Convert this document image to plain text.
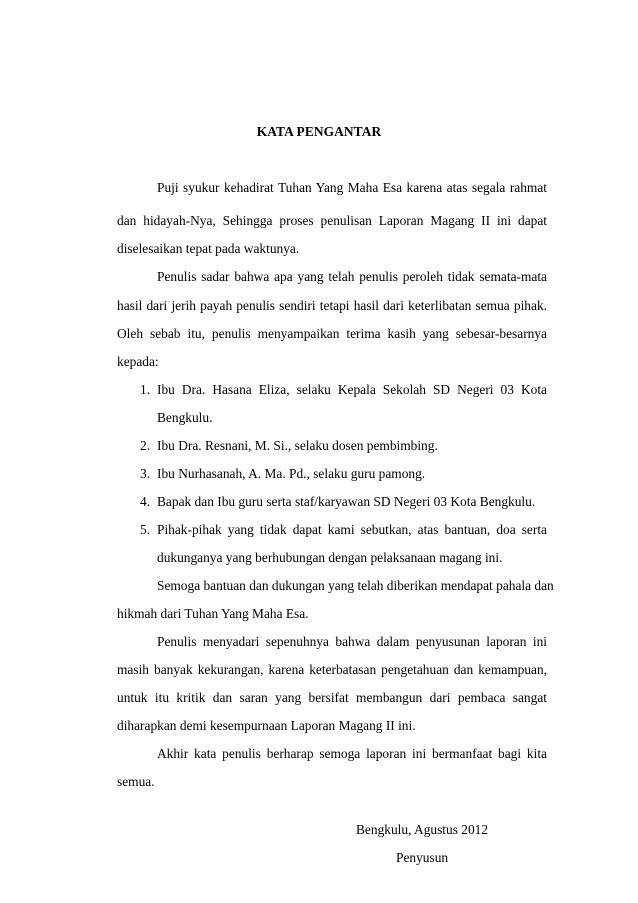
KATA PENGANTAR
Puji syukur kehadirat Tuhan Yang Maha Esa karena atas segala rahmat
dan hidayah-Nya, Sehingga proses penulisan Laporan Magang II ini dapat
diselesaikan tepat pada waktunya.
Penulis sadar bahwa apa yang telah penulis peroleh tidak semata-mata
hasil dari jerih payah penulis sendiri tetapi hasil dari keterlibatan semua pihak.
Oleh sebab itu, penulis menyampaikan terima kasih yang sebesar-besarnya
kepada:
1. Ibu Dra. Hasana Eliza, selaku Kepala Sekolah SD Negeri 03 Kota
Bengkulu.
2. Ibu Dra. Resnani, M. Si., selaku dosen pembimbing.
3. Ibu Nurhasanah, A. Ma. Pd., selaku guru pamong.
4. Bapak dan Ibu guru serta staf/karyawan SD Negeri 03 Kota Bengkulu.
5. Pihak-pihak yang tidak dapat kami sebutkan, atas bantuan, doa serta
dukunganya yang berhubungan dengan pelaksanaan magang ini.
Semoga bantuan dan dukungan yang telah diberikan mendapat pahala dan
hikmah dari Tuhan Yang Maha Esa.
Penulis menyadari sepenuhnya bahwa dalam penyusunan laporan ini
masih banyak kekurangan, karena keterbatasan pengetahuan dan kemampuan,
untuk itu kritik dan saran yang bersifat membangun dari pembaca sangat
diharapkan demi kesempurnaan Laporan Magang II ini.
Akhir kata penulis berharap semoga laporan ini bermanfaat bagi kita
semua.
Bengkulu, Agustus 2012
Penyusun
